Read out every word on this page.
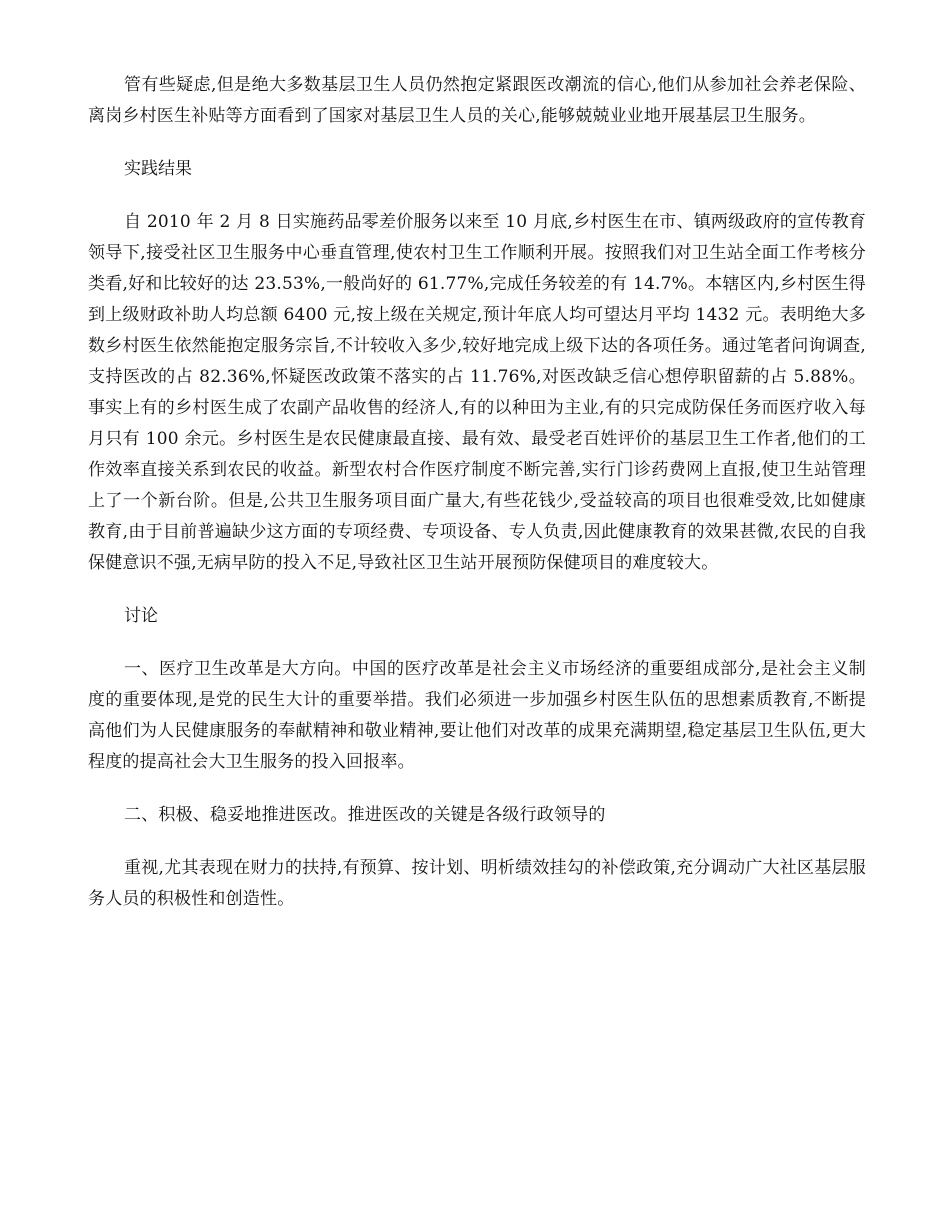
管有些疑虑,但是绝大多数基层卫生人员仍然抱定紧跟医改潮流的信心,他们从参加社会养老保险、离岗乡村医生补贴等方面看到了国家对基层卫生人员的关心,能够兢兢业业地开展基层卫生服务。

实践结果

自 2010 年 2 月 8 日实施药品零差价服务以来至 10 月底,乡村医生在市、镇两级政府的宣传教育领导下,接受社区卫生服务中心垂直管理,使农村卫生工作顺利开展。按照我们对卫生站全面工作考核分类看,好和比较好的达 23.53%,一般尚好的 61.77%,完成任务较差的有 14.7%。本辖区内,乡村医生得到上级财政补助人均总额 6400 元,按上级在关规定,预计年底人均可望达月平均 1432 元。表明绝大多数乡村医生依然能抱定服务宗旨,不计较收入多少,较好地完成上级下达的各项任务。通过笔者问询调查,支持医改的占 82.36%,怀疑医改政策不落实的占 11.76%,对医改缺乏信心想停职留薪的占 5.88%。事实上有的乡村医生成了农副产品收售的经济人,有的以种田为主业,有的只完成防保任务而医疗收入每月只有 100 余元。乡村医生是农民健康最直接、最有效、最受老百姓评价的基层卫生工作者,他们的工作效率直接关系到农民的收益。新型农村合作医疗制度不断完善,实行门诊药费网上直报,使卫生站管理上了一个新台阶。但是,公共卫生服务项目面广量大,有些花钱少,受益较高的项目也很难受效,比如健康教育,由于目前普遍缺少这方面的专项经费、专项设备、专人负责,因此健康教育的效果甚微,农民的自我保健意识不强,无病早防的投入不足,导致社区卫生站开展预防保健项目的难度较大。

讨论

一、医疗卫生改革是大方向。中国的医疗改革是社会主义市场经济的重要组成部分,是社会主义制度的重要体现,是党的民生大计的重要举措。我们必须进一步加强乡村医生队伍的思想素质教育,不断提高他们为人民健康服务的奉献精神和敬业精神,要让他们对改革的成果充满期望,稳定基层卫生队伍,更大程度的提高社会大卫生服务的投入回报率。

二、积极、稳妥地推进医改。推进医改的关键是各级行政领导的

重视,尤其表现在财力的扶持,有预算、按计划、明析绩效挂勾的补偿政策,充分调动广大社区基层服务人员的积极性和创造性。
